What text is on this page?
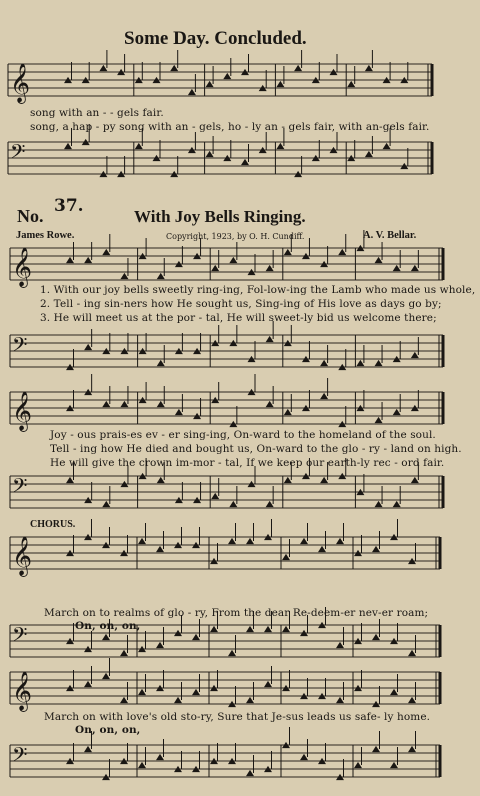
𝄞
𝄢
𝄞
𝄢
𝄞
𝄢
𝄞
𝄢
𝄞
𝄢
Some Day. Concluded.
song with an - - gels fair.
song, a hap - py song with an - gels, ho - ly an - gels fair, with an-gels fair.
No. 37.
With Joy Bells Ringing.
James Rowe.	Copyright, 1923, by O. H. Cundiff.	A. V. Bellar.
1. With our joy bells sweetly ring-ing, Fol-low-ing the Lamb who made us whole,
2. Tell - ing sin-ners how He sought us, Sing-ing of His love as days go by;
3. He will meet us at the por - tal, He will sweet-ly bid us welcome there;
Joy - ous prais-es ev - er sing-ing, On-ward to the homeland of the soul.
Tell - ing how He died and bought us, On-ward to the glo - ry - land on high.
He will give the crown im-mor - tal, If we keep our earth-ly rec - ord fair.
CHORUS.
March on to realms of glo - ry, From the dear Re-deem-er nev-er roam;
On, on, on,
March on with love's old sto-ry, Sure that Je-sus leads us safe- ly home.
On, on, on,
